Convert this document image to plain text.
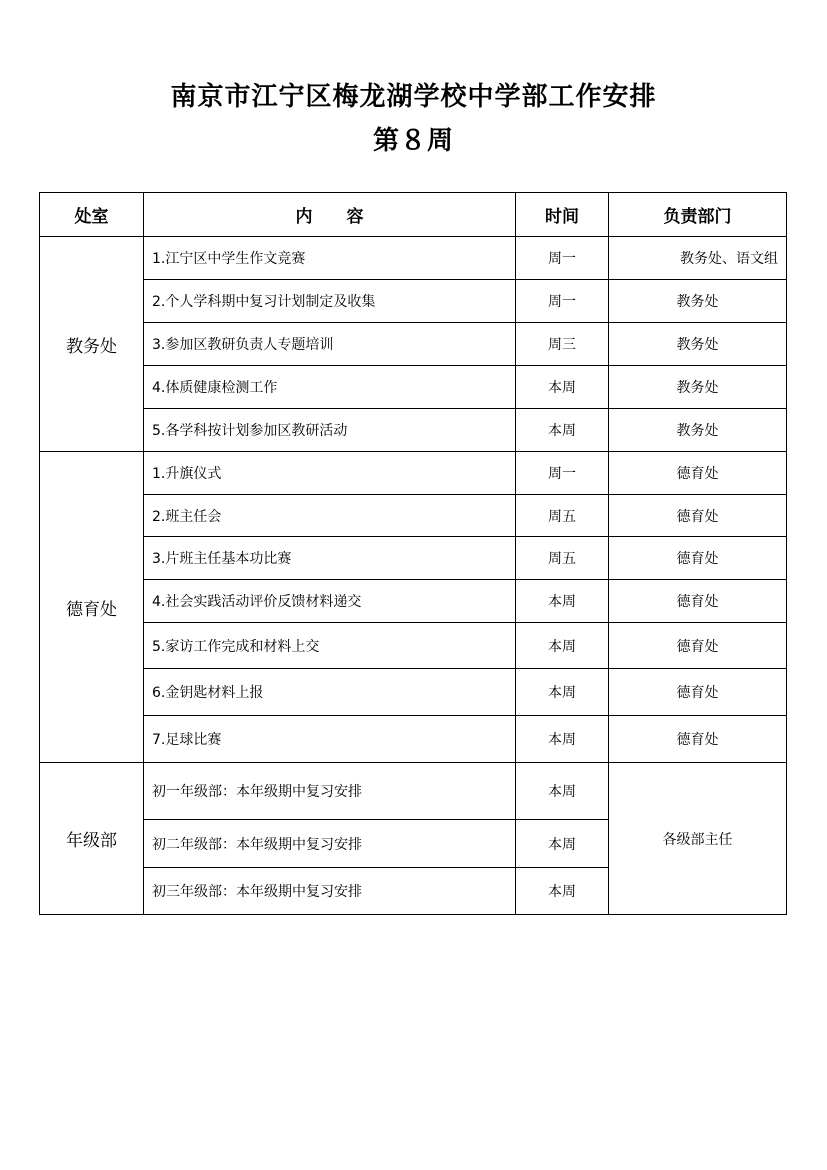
南京市江宁区梅龙湖学校中学部工作安排
第８周
处室	内　　容	时间	负责部门
教务处	1.江宁区中学生作文竞赛	周一	教务处、语文组
	2.个人学科期中复习计划制定及收集	周一	教务处
	3.参加区教研负责人专题培训	周三	教务处
	4.体质健康检测工作	本周	教务处
	5.各学科按计划参加区教研活动	本周	教务处
德育处	1.升旗仪式	周一	德育处
	2.班主任会	周五	德育处
	3.片班主任基本功比赛	周五	德育处
	4.社会实践活动评价反馈材料递交	本周	德育处
	5.家访工作完成和材料上交	本周	德育处
	6.金钥匙材料上报	本周	德育处
	7.足球比赛	本周	德育处
年级部	初一年级部：本年级期中复习安排	本周	各级部主任
	初二年级部：本年级期中复习安排	本周	
	初三年级部：本年级期中复习安排	本周	
